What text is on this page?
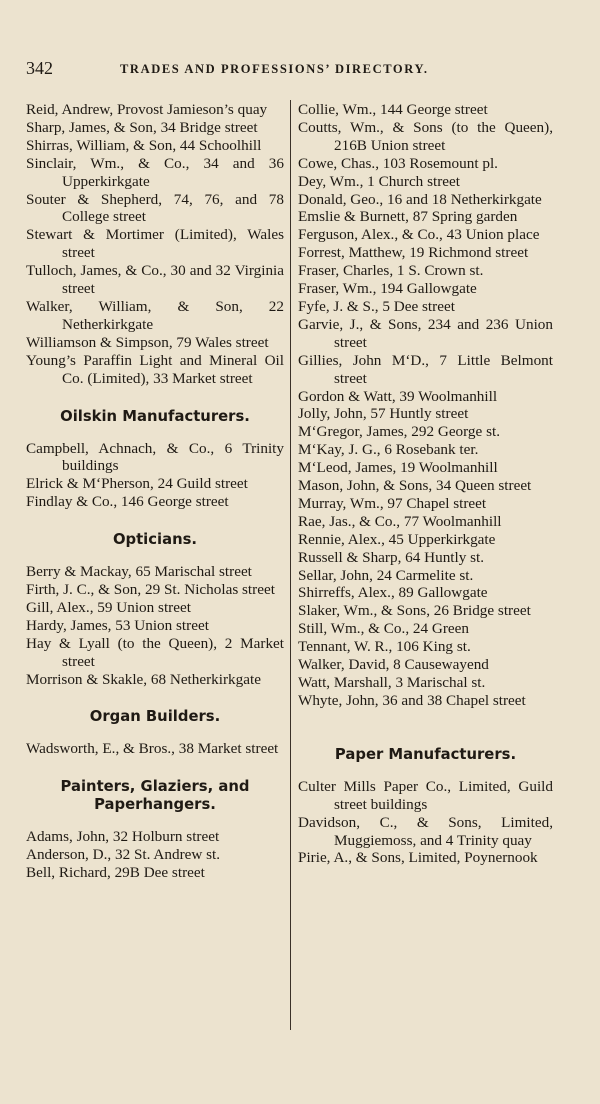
342	TRADES AND PROFESSIONS’ DIRECTORY.
Reid, Andrew, Provost Jamieson’s quay
Sharp, James, & Son, 34 Bridge street
Shirras, William, & Son, 44 Schoolhill
Sinclair, Wm., & Co., 34 and 36 Upperkirkgate
Souter & Shepherd, 74, 76, and 78 College street
Stewart & Mortimer (Limited), Wales street
Tulloch, James, & Co., 30 and 32 Virginia street
Walker, William, & Son, 22 Netherkirkgate
Williamson & Simpson, 79 Wales street
Young’s Paraffin Light and Mineral Oil Co. (Limited), 33 Market street
Oilskin Manufacturers.
Campbell, Achnach, & Co., 6 Trinity buildings
Elrick & M‘Pherson, 24 Guild street
Findlay & Co., 146 George street
Opticians.
Berry & Mackay, 65 Marischal street
Firth, J. C., & Son, 29 St. Nicholas street
Gill, Alex., 59 Union street
Hardy, James, 53 Union street
Hay & Lyall (to the Queen), 2 Market street
Morrison & Skakle, 68 Netherkirkgate
Organ Builders.
Wadsworth, E., & Bros., 38 Market street
Painters, Glaziers, and
Paperhangers.
Adams, John, 32 Holburn street
Anderson, D., 32 St. Andrew st.
Bell, Richard, 29B Dee street
Collie, Wm., 144 George street
Coutts, Wm., & Sons (to the Queen), 216B Union street
Cowe, Chas., 103 Rosemount pl.
Dey, Wm., 1 Church street
Donald, Geo., 16 and 18 Netherkirkgate
Emslie & Burnett, 87 Spring garden
Ferguson, Alex., & Co., 43 Union place
Forrest, Matthew, 19 Richmond street
Fraser, Charles, 1 S. Crown st.
Fraser, Wm., 194 Gallowgate
Fyfe, J. & S., 5 Dee street
Garvie, J., & Sons, 234 and 236 Union street
Gillies, John M‘D., 7 Little Belmont street
Gordon & Watt, 39 Woolmanhill
Jolly, John, 57 Huntly street
M‘Gregor, James, 292 George st.
M‘Kay, J. G., 6 Rosebank ter.
M‘Leod, James, 19 Woolmanhill
Mason, John, & Sons, 34 Queen street
Murray, Wm., 97 Chapel street
Rae, Jas., & Co., 77 Woolmanhill
Rennie, Alex., 45 Upperkirkgate
Russell & Sharp, 64 Huntly st.
Sellar, John, 24 Carmelite st.
Shirreffs, Alex., 89 Gallowgate
Slaker, Wm., & Sons, 26 Bridge street
Still, Wm., & Co., 24 Green
Tennant, W. R., 106 King st.
Walker, David, 8 Causewayend
Watt, Marshall, 3 Marischal st.
Whyte, John, 36 and 38 Chapel street
Paper Manufacturers.
Culter Mills Paper Co., Limited, Guild street buildings
Davidson, C., & Sons, Limited, Muggiemoss, and 4 Trinity quay
Pirie, A., & Sons, Limited, Poynernook
